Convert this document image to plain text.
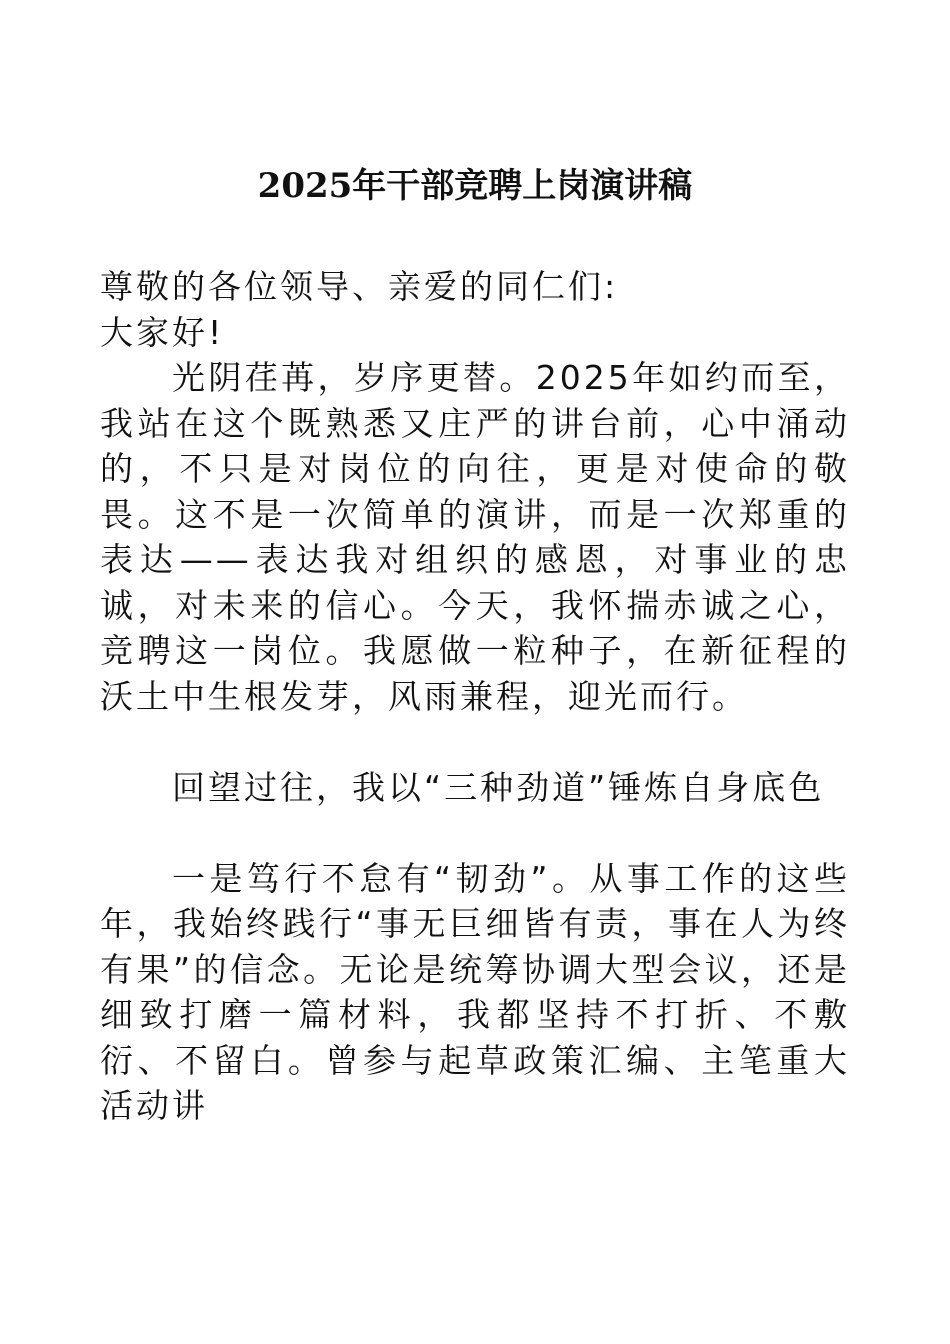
2025年干部竞聘上岗演讲稿

尊敬的各位领导、亲爱的同仁们:

大家好!

光阴荏苒，岁序更替。2025年如约而至，我站在这个既熟悉又庄严的讲台前，心中涌动的，不只是对岗位的向往，更是对使命的敬畏。这不是一次简单的演讲，而是一次郑重的表达——表达我对组织的感恩，对事业的忠诚，对未来的信心。今天，我怀揣赤诚之心，竞聘这一岗位。我愿做一粒种子，在新征程的沃土中生根发芽，风雨兼程，迎光而行。

回望过往，我以“三种劲道”锤炼自身底色

一是笃行不怠有“韧劲”。从事工作的这些年，我始终践行“事无巨细皆有责，事在人为终有果”的信念。无论是统筹协调大型会议，还是细致打磨一篇材料，我都坚持不打折、不敷衍、不留白。曾参与起草政策汇编、主笔重大活动讲
